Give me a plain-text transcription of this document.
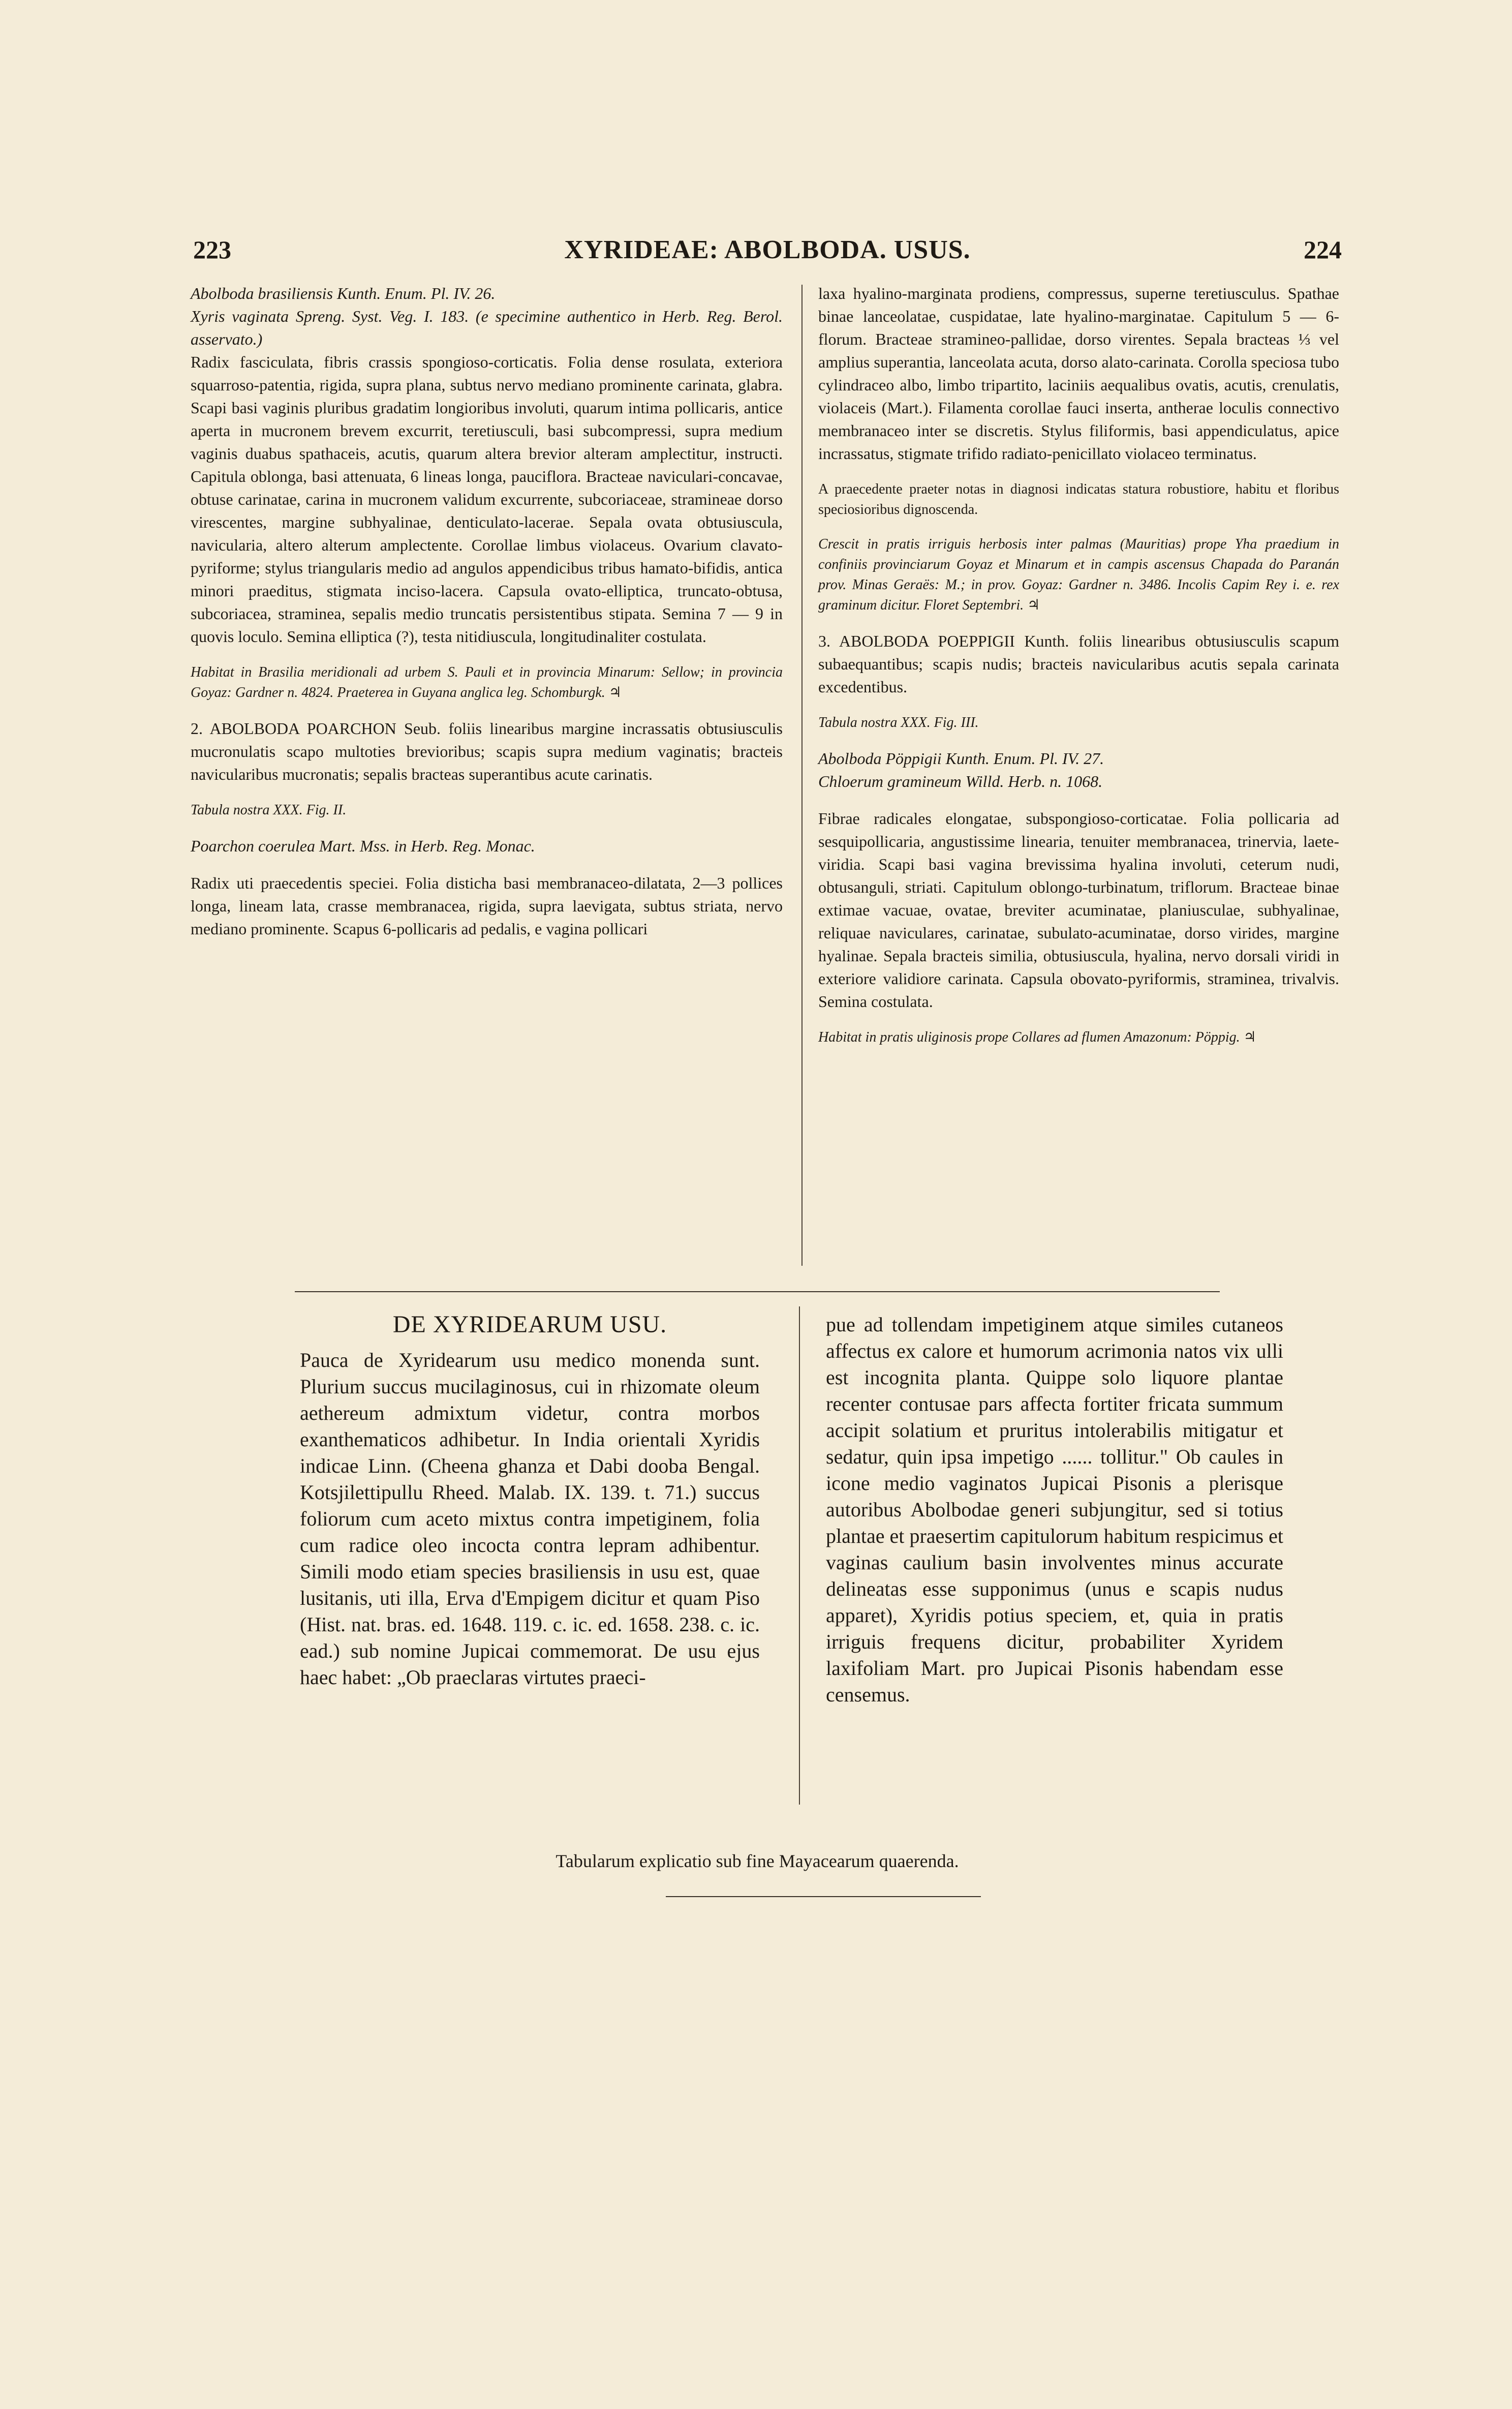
223	XYRIDEAE: ABOLBODA. USUS.	224

Abolboda brasiliensis Kunth. Enum. Pl. IV. 26.

Xyris vaginata Spreng. Syst. Veg. I. 183. (e specimine authentico in Herb. Reg. Berol. asservato.)

Radix fasciculata, fibris crassis spongioso-corticatis. Folia dense rosulata, exteriora squarroso-patentia, rigida, supra plana, subtus nervo mediano prominente carinata, glabra. Scapi basi vaginis pluribus gradatim longioribus involuti, quarum intima pollicaris, antice aperta in mucronem brevem excurrit, teretiusculi, basi subcompressi, supra medium vaginis duabus spathaceis, acutis, quarum altera brevior alteram amplectitur, instructi. Capitula oblonga, basi attenuata, 6 lineas longa, pauciflora. Bracteae naviculari-concavae, obtuse carinatae, carina in mucronem validum excurrente, subcoriaceae, stramineae dorso virescentes, margine subhyalinae, denticulato-lacerae. Sepala ovata obtusiuscula, navicularia, altero alterum amplectente. Corollae limbus violaceus. Ovarium clavato-pyriforme; stylus triangularis medio ad angulos appendicibus tribus hamato-bifidis, antica minori praeditus, stigmata inciso-lacera. Capsula ovato-elliptica, truncato-obtusa, subcoriacea, straminea, sepalis medio truncatis persistentibus stipata. Semina 7 — 9 in quovis loculo. Semina elliptica (?), testa nitidiuscula, longitudinaliter costulata.

Habitat in Brasilia meridionali ad urbem S. Pauli et in provincia Minarum: Sellow; in provincia Goyaz: Gardner n. 4824. Praeterea in Guyana anglica leg. Schomburgk. ♃

2. ABOLBODA POARCHON Seub. foliis linearibus margine incrassatis obtusiusculis mucronulatis scapo multoties brevioribus; scapis supra medium vaginatis; bracteis navicularibus mucronatis; sepalis bracteas superantibus acute carinatis.

Tabula nostra XXX. Fig. II.

Poarchon coerulea Mart. Mss. in Herb. Reg. Monac.

Radix uti praecedentis speciei. Folia disticha basi membranaceo-dilatata, 2—3 pollices longa, lineam lata, crasse membranacea, rigida, supra laevigata, subtus striata, nervo mediano prominente. Scapus 6-pollicaris ad pedalis, e vagina pollicari

laxa hyalino-marginata prodiens, compressus, superne teretiusculus. Spathae binae lanceolatae, cuspidatae, late hyalino-marginatae. Capitulum 5 — 6-florum. Bracteae stramineo-pallidae, dorso virentes. Sepala bracteas ⅓ vel amplius superantia, lanceolata acuta, dorso alato-carinata. Corolla speciosa tubo cylindraceo albo, limbo tripartito, laciniis aequalibus ovatis, acutis, crenulatis, violaceis (Mart.). Filamenta corollae fauci inserta, antherae loculis connectivo membranaceo inter se discretis. Stylus filiformis, basi appendiculatus, apice incrassatus, stigmate trifido radiato-penicillato violaceo terminatus.

A praecedente praeter notas in diagnosi indicatas statura robustiore, habitu et floribus speciosioribus dignoscenda.

Crescit in pratis irriguis herbosis inter palmas (Mauritias) prope Yha praedium in confiniis provinciarum Goyaz et Minarum et in campis ascensus Chapada do Paranán prov. Minas Geraës: M.; in prov. Goyaz: Gardner n. 3486. Incolis Capim Rey i. e. rex graminum dicitur. Floret Septembri. ♃

3. ABOLBODA POEPPIGII Kunth. foliis linearibus obtusiusculis scapum subaequantibus; scapis nudis; bracteis navicularibus acutis sepala carinata excedentibus.

Tabula nostra XXX. Fig. III.

Abolboda Pöppigii Kunth. Enum. Pl. IV. 27.

Chloerum gramineum Willd. Herb. n. 1068.

Fibrae radicales elongatae, subspongioso-corticatae. Folia pollicaria ad sesquipollicaria, angustissime linearia, tenuiter membranacea, trinervia, laete-viridia. Scapi basi vagina brevissima hyalina involuti, ceterum nudi, obtusanguli, striati. Capitulum oblongo-turbinatum, triflorum. Bracteae binae extimae vacuae, ovatae, breviter acuminatae, planiusculae, subhyalinae, reliquae naviculares, carinatae, subulato-acuminatae, dorso virides, margine hyalinae. Sepala bracteis similia, obtusiuscula, hyalina, nervo dorsali viridi in exteriore validiore carinata. Capsula obovato-pyriformis, straminea, trivalvis. Semina costulata.

Habitat in pratis uliginosis prope Collares ad flumen Amazonum: Pöppig. ♃

DE XYRIDEARUM USU.

Pauca de Xyridearum usu medico monenda sunt. Plurium succus mucilaginosus, cui in rhizomate oleum aethereum admixtum videtur, contra morbos exanthematicos adhibetur. In India orientali Xyridis indicae Linn. (Cheena ghanza et Dabi dooba Bengal. Kotsjilettipullu Rheed. Malab. IX. 139. t. 71.) succus foliorum cum aceto mixtus contra impetiginem, folia cum radice oleo incocta contra lepram adhibentur. Simili modo etiam species brasiliensis in usu est, quae lusitanis, uti illa, Erva d'Empigem dicitur et quam Piso (Hist. nat. bras. ed. 1648. 119. c. ic. ed. 1658. 238. c. ic. ead.) sub nomine Jupicai commemorat. De usu ejus haec habet: „Ob praeclaras virtutes praeci-

pue ad tollendam impetiginem atque similes cutaneos affectus ex calore et humorum acrimonia natos vix ulli est incognita planta. Quippe solo liquore plantae recenter contusae pars affecta fortiter fricata summum accipit solatium et pruritus intolerabilis mitigatur et sedatur, quin ipsa impetigo ...... tollitur." Ob caules in icone medio vaginatos Jupicai Pisonis a plerisque autoribus Abolbodae generi subjungitur, sed si totius plantae et praesertim capitulorum habitum respicimus et vaginas caulium basin involventes minus accurate delineatas esse supponimus (unus e scapis nudus apparet), Xyridis potius speciem, et, quia in pratis irriguis frequens dicitur, probabiliter Xyridem laxifoliam Mart. pro Jupicai Pisonis habendam esse censemus.

Tabularum explicatio sub fine Mayacearum quaerenda.
